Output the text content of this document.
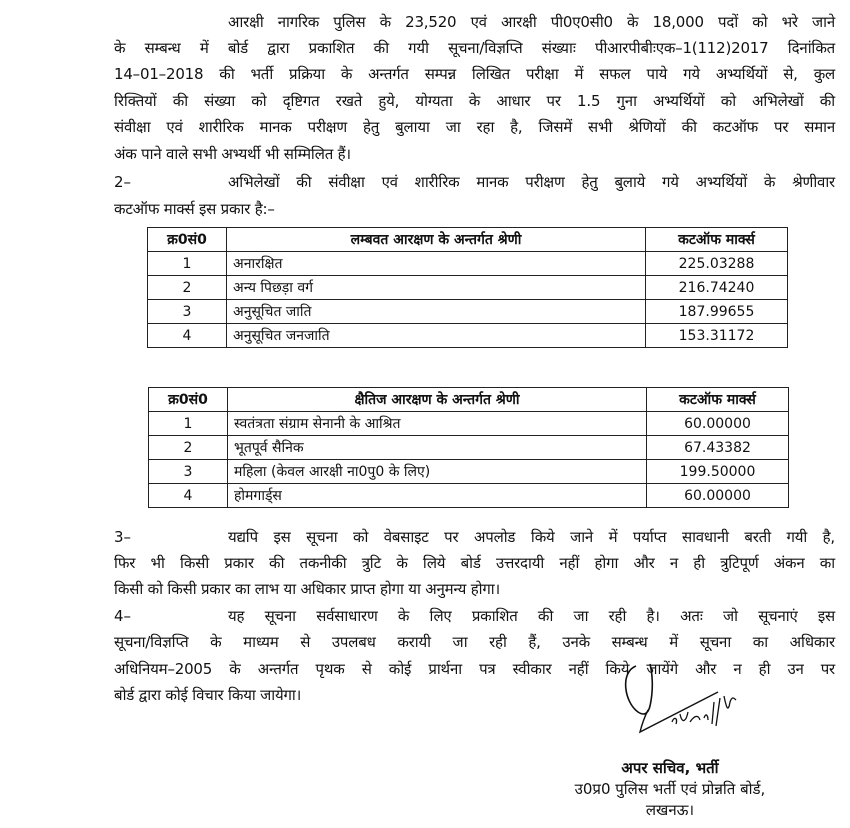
आरक्षी नागरिक पुलिस के 23,520 एवं आरक्षी पी0ए0सी0 के 18,000 पदों को भरे जाने
के सम्बन्ध में बोर्ड द्वारा प्रकाशित की गयी सूचना/विज्ञप्ति संख्याः पीआरपीबीःएक–1(112)2017 दिनांकित
14–01–2018 की भर्ती प्रक्रिया के अन्तर्गत सम्पन्न लिखित परीक्षा में सफल पाये गये अभ्यर्थियों से, कुल
रिक्तियों की संख्या को दृष्टिगत रखते हुये, योग्यता के आधार पर 1.5 गुना अभ्यर्थियों को अभिलेखों की
संवीक्षा एवं शारीरिक मानक परीक्षण हेतु बुलाया जा रहा है, जिसमें सभी श्रेणियों की कटऑफ पर समान
अंक पाने वाले सभी अभ्यर्थी भी सम्मिलित हैं।
2–	अभिलेखों की संवीक्षा एवं शारीरिक मानक परीक्षण हेतु बुलाये गये अभ्यर्थियों के श्रेणीवार
कटऑफ मार्क्स इस प्रकार है:–
क्र0सं0	लम्बवत आरक्षण के अन्तर्गत श्रेणी	कटऑफ मार्क्स
1	अनारक्षित	225.03288
2	अन्य पिछड़ा वर्ग	216.74240
3	अनुसूचित जाति	187.99655
4	अनुसूचित जनजाति	153.31172
क्र0सं0	क्षैतिज आरक्षण के अन्तर्गत श्रेणी	कटऑफ मार्क्स
1	स्वतंत्रता संग्राम सेनानी के आश्रित	60.00000
2	भूतपूर्व सैनिक	67.43382
3	महिला (केवल आरक्षी ना0पु0 के लिए)	199.50000
4	होमगार्ड्स	60.00000
3–	यद्यपि इस सूचना को वेबसाइट पर अपलोड किये जाने में पर्याप्त सावधानी बरती गयी है,
फिर भी किसी प्रकार की तकनीकी त्रुटि के लिये बोर्ड उत्तरदायी नहीं होगा और न ही त्रुटिपूर्ण अंकन का
किसी को किसी प्रकार का लाभ या अधिकार प्राप्त होगा या अनुमन्य होगा।
4–	यह सूचना सर्वसाधारण के लिए प्रकाशित की जा रही है। अतः जो सूचनाएं इस
सूचना/विज्ञप्ति के माध्यम से उपलबध करायी जा रही हैं, उनके सम्बन्ध में सूचना का अधिकार
अधिनियम–2005 के अन्तर्गत पृथक से कोई प्रार्थना पत्र स्वीकार नहीं किये जायेंगे और न ही उन पर
बोर्ड द्वारा कोई विचार किया जायेगा।
अपर सचिव, भर्ती
उ0प्र0 पुलिस भर्ती एवं प्रोन्नति बोर्ड,
लखनऊ।
